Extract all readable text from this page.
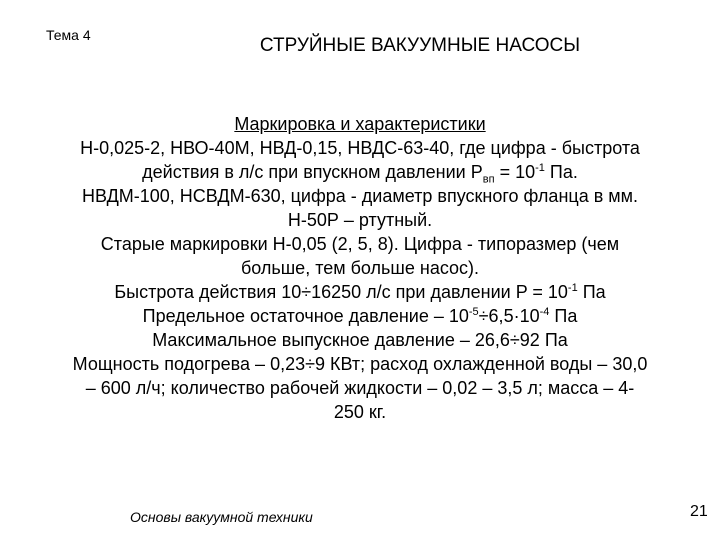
Тема 4	СТРУЙНЫЕ ВАКУУМНЫЕ НАСОСЫ
Маркировка и характеристики
Н-0,025-2, НВО-40М, НВД-0,15, НВДС-63-40, где цифра - быстрота
действия в л/с при впускном давлении $P_{вп} = 10^{-1}$ Па.
НВДМ-100, НСВДМ-630, цифра - диаметр впускного фланца в мм.
Н-50Р – ртутный.
Старые маркировки Н-0,05 (2, 5, 8). Цифра - типоразмер (чем
больше, тем больше насос).
Быстрота действия 10÷16250 л/с при давлении $P = 10^{-1}$ Па
Предельное остаточное давление – $10^{-5}\div 6,5\cdot 10^{-4}$ Па
Максимальное выпускное давление – 26,6÷92 Па
Мощность подогрева – 0,23÷9 КВт; расход охлажденной воды – 30,0
– 600 л/ч; количество рабочей жидкости – 0,02 – 3,5 л; масса – 4-
250 кг.
Основы вакуумной техники	21
